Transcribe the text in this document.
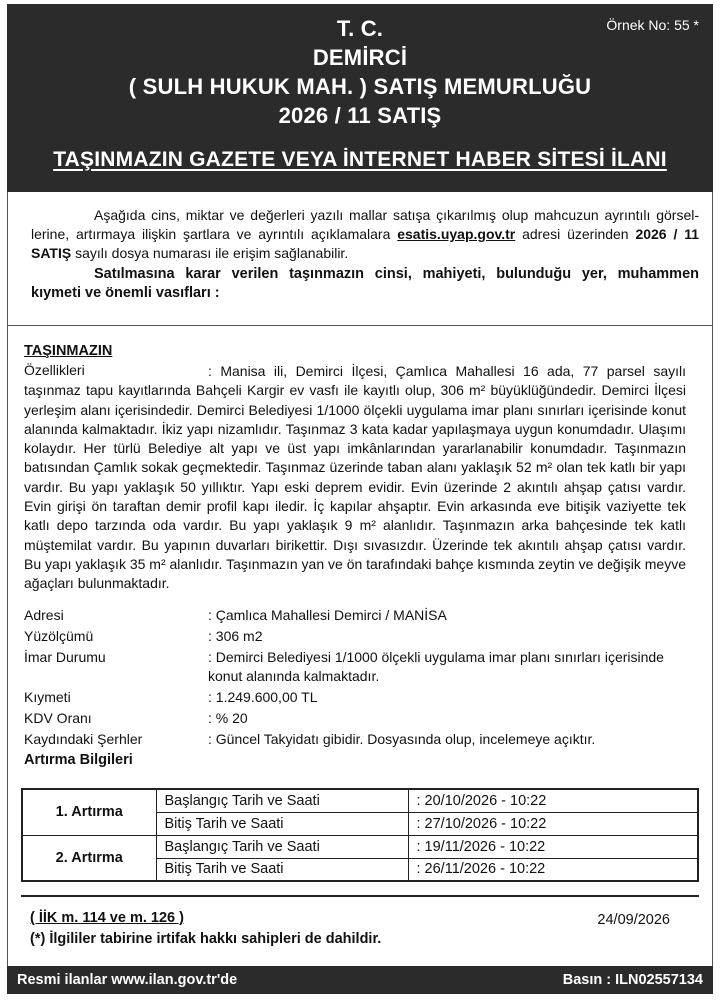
Örnek No: 55 *
T. C.
DEMİRCİ
( SULH HUKUK MAH. ) SATIŞ MEMURLUĞU
2026 / 11 SATIŞ
TAŞINMAZIN GAZETE VEYA İNTERNET HABER SİTESİ İLANI

Aşağıda cins, miktar ve değerleri yazılı mallar satışa çıkarılmış olup mahcuzun ayrıntılı görsel-lerine, artırmaya ilişkin şartlara ve ayrıntılı açıklamalara esatis.uyap.gov.tr adresi üzerinden 2026 / 11 SATIŞ sayılı dosya numarası ile erişim sağlanabilir.

Satılmasına karar verilen taşınmazın cinsi, mahiyeti, bulunduğu yer, muhammen kıymeti ve önemli vasıfları :

TAŞINMAZIN
Özellikleri	: Manisa ili, Demirci İlçesi, Çamlıca Mahallesi 16 ada, 77 parsel sayılı taşınmaz tapu kayıtlarında Bahçeli Kargir ev vasfı ile kayıtlı olup, 306 m² büyüklüğündedir. Demirci İlçesi yerleşim alanı içerisindedir. Demirci Belediyesi 1/1000 ölçekli uygulama imar planı sınırları içerisinde konut alanında kalmaktadır. İkiz yapı nizamlıdır. Taşınmaz 3 kata kadar yapılaşmaya uygun konumdadır. Ulaşımı kolaydır. Her türlü Belediye alt yapı ve üst yapı imkânlarından yararlanabilir konumdadır. Taşınmazın batısından Çamlık sokak geçmektedir. Taşınmaz üzerinde taban alanı yaklaşık 52 m² olan tek katlı bir yapı vardır. Bu yapı yaklaşık 50 yıllıktır. Yapı eski deprem evidir. Evin üzerinde 2 akıntılı ahşap çatısı vardır. Evin girişi ön taraftan demir profil kapı iledir. İç kapılar ahşaptır. Evin arkasında eve bitişik vaziyette tek katlı depo tarzında oda vardır. Bu yapı yaklaşık 9 m² alanlıdır. Taşınmazın arka bahçesinde tek katlı müştemilat vardır. Bu yapının duvarları birikettir. Dışı sıvasızdır. Üzerinde tek akıntılı ahşap çatısı vardır. Bu yapı yaklaşık 35 m² alanlıdır. Taşınmazın yan ve ön tarafındaki bahçe kısmında zeytin ve değişik meyve ağaçları bulunmaktadır.
Adresi	: Çamlıca Mahallesi Demirci / MANİSA
Yüzölçümü	: 306 m2
İmar Durumu	: Demirci Belediyesi 1/1000 ölçekli uygulama imar planı sınırları içerisinde konut alanında kalmaktadır.
Kıymeti	: 1.249.600,00 TL
KDV Oranı	: % 20
Kaydındaki Şerhler	: Güncel Takyidatı gibidir. Dosyasında olup, incelemeye açıktır.
Artırma Bilgileri
1. Artırma	Başlangıç Tarih ve Saati	: 20/10/2026 - 10:22
	Bitiş Tarih ve Saati	: 27/10/2026 - 10:22
2. Artırma	Başlangıç Tarih ve Saati	: 19/11/2026 - 10:22
	Bitiş Tarih ve Saati	: 26/11/2026 - 10:22
( İİK m. 114 ve m. 126 )	24/09/2026
(*) İlgililer tabirine irtifak hakkı sahipleri de dahildir.
Resmi ilanlar www.ilan.gov.tr'de	Basın : ILN02557134
